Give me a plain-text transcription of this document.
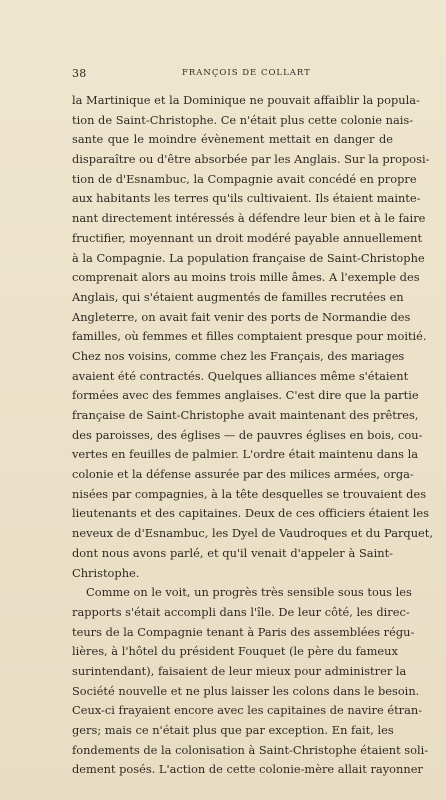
38	FRANÇOIS DE COLLART
la Martinique et la Dominique ne pouvait affaiblir la popula-
tion de Saint-Christophe. Ce n'était plus cette colonie nais-
sante que le moindre évènement mettait en danger de
disparaître ou d'être absorbée par les Anglais. Sur la proposi-
tion de d'Esnambuc, la Compagnie avait concédé en propre
aux habitants les terres qu'ils cultivaient. Ils étaient mainte-
nant directement intéressés à défendre leur bien et à le faire
fructifier, moyennant un droit modéré payable annuellement
à la Compagnie. La population française de Saint-Christophe
comprenait alors au moins trois mille âmes. A l'exemple des
Anglais, qui s'étaient augmentés de familles recrutées en
Angleterre, on avait fait venir des ports de Normandie des
familles, où femmes et filles comptaient presque pour moitié.
Chez nos voisins, comme chez les Français, des mariages
avaient été contractés. Quelques alliances même s'étaient
formées avec des femmes anglaises. C'est dire que la partie
française de Saint-Christophe avait maintenant des prêtres,
des paroisses, des églises — de pauvres églises en bois, cou-
vertes en feuilles de palmier. L'ordre était maintenu dans la
colonie et la défense assurée par des milices armées, orga-
nisées par compagnies, à la tête desquelles se trouvaient des
lieutenants et des capitaines. Deux de ces officiers étaient les
neveux de d'Esnambuc, les Dyel de Vaudroques et du Parquet,
dont nous avons parlé, et qu'il venait d'appeler à Saint-
Christophe.
Comme on le voit, un progrès très sensible sous tous les
rapports s'était accompli dans l'île. De leur côté, les direc-
teurs de la Compagnie tenant à Paris des assemblées régu-
lières, à l'hôtel du président Fouquet (le père du fameux
surintendant), faisaient de leur mieux pour administrer la
Société nouvelle et ne plus laisser les colons dans le besoin.
Ceux-ci frayaient encore avec les capitaines de navire étran-
gers; mais ce n'était plus que par exception. En fait, les
fondements de la colonisation à Saint-Christophe étaient soli-
dement posés. L'action de cette colonie-mère allait rayonner
